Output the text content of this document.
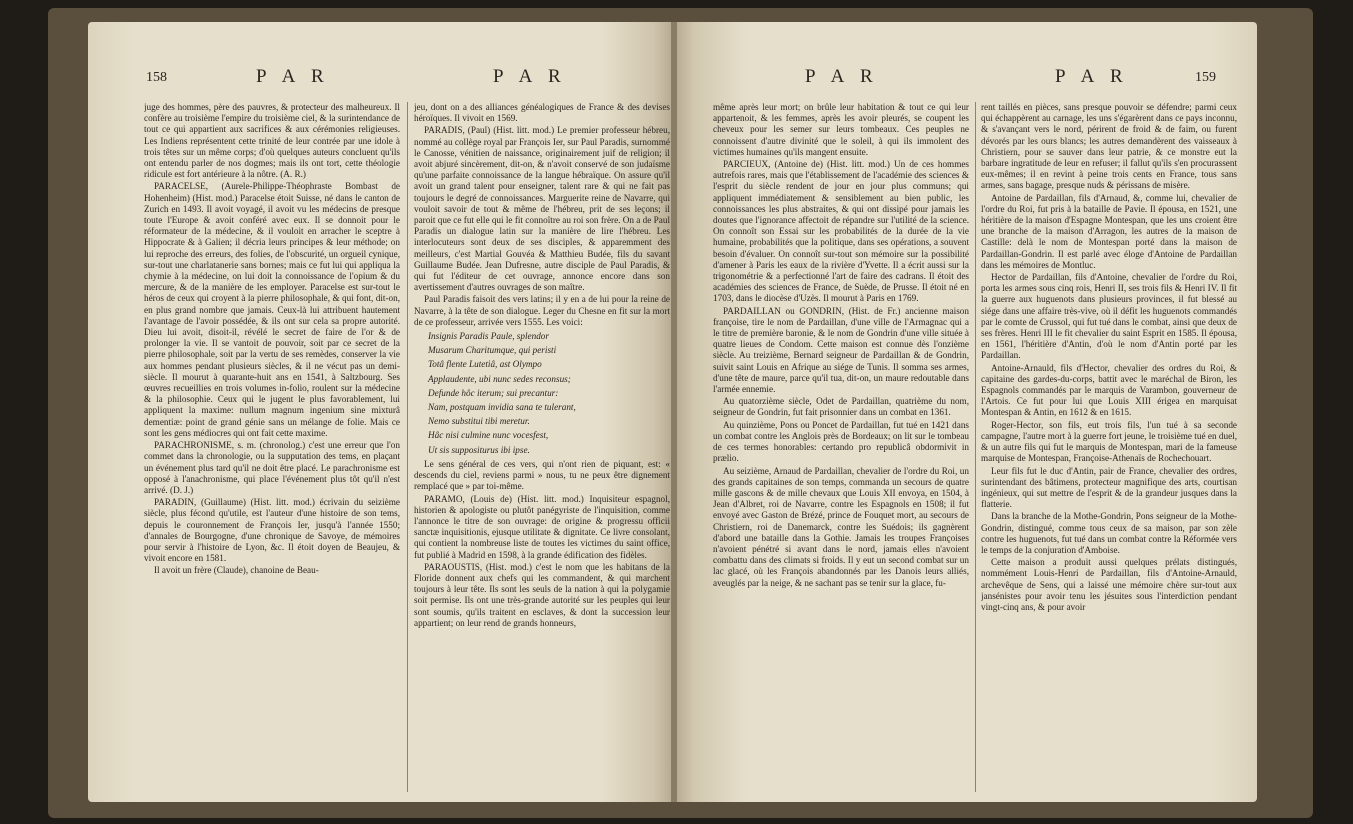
158	P A R	P A R

juge des hommes, père des pauvres, & protecteur des malheureux. Il confère au troisième l'empire du troisième ciel, & la surintendance de tout ce qui appartient aux sacrifices & aux cérémonies religieuses. Les Indiens représentent cette trinité de leur contrée par une idole à trois têtes sur un même corps; d'où quelques auteurs concluent qu'ils ont entendu parler de nos dogmes; mais ils ont tort, cette théologie ridicule est fort antérieure à la nôtre. (A. R.)

PARACELSE, (Aurele-Philippe-Théophraste Bombast de Hohenheim) (Hist. mod.) Paracelse étoit Suisse, né dans le canton de Zurich en 1493. Il avoit voyagé, il avoit vu les médecins de presque toute l'Europe & avoit conféré avec eux. Il se donnoit pour le réformateur de la médecine, & il vouloit en arracher le sceptre à Hippocrate & à Galien; il décria leurs principes & leur méthode; on lui reproche des erreurs, des folies, de l'obscurité, un orgueil cynique, sur-tout une charlatanerie sans bornes; mais ce fut lui qui appliqua la chymie à la médecine, on lui doit la connoissance de l'opium & du mercure, & de la manière de les employer. Paracelse est sur-tout le héros de ceux qui croyent à la pierre philosophale, & qui font, dit-on, en plus grand nombre que jamais. Ceux-là lui attribuent hautement l'avantage de l'avoir possédée, & ils ont sur cela sa propre autorité. Dieu lui avoit, disoit-il, révélé le secret de faire de l'or & de prolonger la vie. Il se vantoit de pouvoir, soit par ce secret de la pierre philosophale, soit par la vertu de ses remèdes, conserver la vie aux hommes pendant plusieurs siècles, & il ne vécut pas un demi-siècle. Il mourut à quarante-huit ans en 1541, à Saltzbourg. Ses œuvres recueillies en trois volumes in-folio, roulent sur la médecine & la philosophie. Ceux qui le jugent le plus favorablement, lui appliquent la maxime: nullum magnum ingenium sine mixturâ dementiæ: point de grand génie sans un mélange de folie. Mais ce sont les gens médiocres qui ont fait cette maxime.

PARACHRONISME, s. m. (chronolog.) c'est une erreur que l'on commet dans la chronologie, ou la supputation des tems, en plaçant un événement plus tard qu'il ne doit être placé. Le parachronisme est opposé à l'anachronisme, qui place l'événement plus tôt qu'il n'est arrivé. (D. J.)

PARADIN, (Guillaume) (Hist. litt. mod.) écrivain du seizième siècle, plus fécond qu'utile, est l'auteur d'une histoire de son tems, depuis le couronnement de François Ier, jusqu'à l'année 1550; d'annales de Bourgogne, d'une chronique de Savoye, de mémoires pour servir à l'histoire de Lyon, &c. Il étoit doyen de Beaujeu, & vivoit encore en 1581.

Il avoit un frère (Claude), chanoine de Beau-

jeu, dont on a des alliances généalogiques de France & des devises héroïques. Il vivoit en 1569.

PARADIS, (Paul) (Hist. litt. mod.) Le premier professeur hébreu, nommé au collège royal par François Ier, sur Paul Paradis, surnommé le Canosse, vénitien de naissance, originairement juif de religion; il avoit abjuré sincèrement, dit-on, & n'avoit conservé de son judaïsme qu'une parfaite connoissance de la langue hébraïque. On assure qu'il avoit un grand talent pour enseigner, talent rare & qui ne fait pas toujours le degré de connoissances. Marguerite reine de Navarre, qui vouloit savoir de tout & même de l'hébreu, prit de ses leçons; il paroit que ce fut elle qui le fit connoître au roi son frère. On a de Paul Paradis un dialogue latin sur la manière de lire l'hébreu. Les interlocuteurs sont deux de ses disciples, & apparemment des meilleurs, c'est Martial Gouvéa & Matthieu Budée, fils du savant Guillaume Budée. Jean Dufresne, autre disciple de Paul Paradis, & qui fut l'éditeur de cet ouvrage, annonce encore dans son avertissement d'autres ouvrages de son maître.

Paul Paradis faisoit des vers latins; il y en a de lui pour la reine de Navarre, à la tête de son dialogue. Leger du Chesne en fit sur la mort de ce professeur, arrivée vers 1555. Les voici:

Insignis Paradis Paule, splendor

Musarum Charitumque, qui peristi

Totâ flente Lutetiâ, ast Olympo

Applaudente, ubi nunc sedes reconsus;

Defunde hôc iterum; sui precantur:

Nam, postquam invidia sana te tulerant,

Nemo substitui tibi meretur.

Hâc nisi culmine nunc vocesfest,

Ut sis suppositurus ibi ipse.

Le sens général de ces vers, qui n'ont rien de piquant, est: « descends du ciel, reviens parmi » nous, tu ne peux être dignement remplacé que » par toi-même.

PARAMO, (Louis de) (Hist. litt. mod.) Inquisiteur espagnol, historien & apologiste ou plutôt panégyriste de l'inquisition, comme l'annonce le titre de son ouvrage: de origine & progressu officii sanctæ inquisitionis, ejusque utilitate & dignitate. Ce livre consolant, qui contient la nombreuse liste de toutes les victimes du saint office, fut publié à Madrid en 1598, à la grande édification des fidèles.

PARAOUSTIS, (Hist. mod.) c'est le nom que les habitans de la Floride donnent aux chefs qui les commandent, & qui marchent toujours à leur tête. Ils sont les seuls de la nation à qui la polygamie soit permise. Ils ont une très-grande autorité sur les peuples qui leur sont soumis, qu'ils traitent en esclaves, & dont la succession leur appartient; on leur rend de grands honneurs,

P A R	P A R	159

même après leur mort; on brûle leur habitation & tout ce qui leur appartenoit, & les femmes, après les avoir pleurés, se coupent les cheveux pour les semer sur leurs tombeaux. Ces peuples ne connoissent d'autre divinité que le soleil, à qui ils immolent des victimes humaines qu'ils mangent ensuite.

PARCIEUX, (Antoine de) (Hist. litt. mod.) Un de ces hommes autrefois rares, mais que l'établissement de l'académie des sciences & l'esprit du siècle rendent de jour en jour plus communs; qui appliquent immédiatement & sensiblement au bien public, les connoissances les plus abstraites, & qui ont dissipé pour jamais les doutes que l'ignorance affectoit de répandre sur l'utilité de la science. On connoît son Essai sur les probabilités de la durée de la vie humaine, probabilités que la politique, dans ses opérations, a souvent besoin d'évaluer. On connoît sur-tout son mémoire sur la possibilité d'amener à Paris les eaux de la rivière d'Yvette. Il a écrit aussi sur la trigonométrie & a perfectionné l'art de faire des cadrans. Il étoit des académies des sciences de France, de Suède, de Prusse. Il étoit né en 1703, dans le diocèse d'Uzès. Il mourut à Paris en 1769.

PARDAILLAN ou GONDRIN, (Hist. de Fr.) ancienne maison françoise, tire le nom de Pardaillan, d'une ville de l'Armagnac qui a le titre de première baronie, & le nom de Gondrin d'une ville située à quatre lieues de Condom. Cette maison est connue dès l'onzième siècle. Au treizième, Bernard seigneur de Pardaillan & de Gondrin, suivit saint Louis en Afrique au siége de Tunis. Il somma ses armes, d'une tête de maure, parce qu'il tua, dit-on, un maure redoutable dans l'armée ennemie.

Au quatorzième siècle, Odet de Pardaillan, quatrième du nom, seigneur de Gondrin, fut fait prisonnier dans un combat en 1361.

Au quinzième, Pons ou Poncet de Pardaillan, fut tué en 1421 dans un combat contre les Anglois près de Bordeaux; on lit sur le tombeau de ces termes honorables: certando pro republicâ obdormivit in prælio.

Au seizième, Arnaud de Pardaillan, chevalier de l'ordre du Roi, un des grands capitaines de son temps, commanda un secours de quatre mille gascons & de mille chevaux que Louis XII envoya, en 1504, à Jean d'Albret, roi de Navarre, contre les Espagnols en 1508; il fut envoyé avec Gaston de Brézé, prince de Fouquet mort, au secours de Christiern, roi de Danemarck, contre les Suédois; ils gagnèrent d'abord une bataille dans la Gothie. Jamais les troupes Françoises n'avoient pénétré si avant dans le nord, jamais elles n'avoient combattu dans des climats si froids. Il y eut un second combat sur un lac glacé, où les François abandonnés par les Danois leurs alliés, aveuglés par la neige, & ne sachant pas se tenir sur la glace, fu-

rent taillés en pièces, sans presque pouvoir se défendre; parmi ceux qui échappèrent au carnage, les uns s'égarèrent dans ce pays inconnu, & s'avançant vers le nord, périrent de froid & de faim, ou furent dévorés par les ours blancs; les autres demandèrent des vaisseaux à Christiern, pour se sauver dans leur patrie, & ce monstre eut la barbare ingratitude de leur en refuser; il fallut qu'ils s'en procurassent eux-mêmes; il en revint à peine trois cents en France, tous sans armes, sans bagage, presque nuds & périssans de misère.

Antoine de Pardaillan, fils d'Arnaud, &, comme lui, chevalier de l'ordre du Roi, fut pris à la bataille de Pavie. Il épousa, en 1521, une héritière de la maison d'Espagne Montespan, que les uns croient être une branche de la maison d'Arragon, les autres de la maison de Castille: delà le nom de Montespan porté dans la maison de Pardaillan-Gondrin. Il est parlé avec éloge d'Antoine de Pardaillan dans les mémoires de Montluc.

Hector de Pardaillan, fils d'Antoine, chevalier de l'ordre du Roi, porta les armes sous cinq rois, Henri II, ses trois fils & Henri IV. Il fit la guerre aux huguenots dans plusieurs provinces, il fut blessé au siége dans une affaire très-vive, où il défit les huguenots commandés par le comte de Crussol, qui fut tué dans le combat, ainsi que deux de ses frères. Henri III le fit chevalier du saint Esprit en 1585. Il épousa, en 1561, l'héritière d'Antin, d'où le nom d'Antin porté par les Pardaillan.

Antoine-Arnauld, fils d'Hector, chevalier des ordres du Roi, & capitaine des gardes-du-corps, battit avec le maréchal de Biron, les Espagnols commandés par le marquis de Varambon, gouverneur de l'Artois. Ce fut pour lui que Louis XIII érigea en marquisat Montespan & Antin, en 1612 & en 1615.

Roger-Hector, son fils, eut trois fils, l'un tué à sa seconde campagne, l'autre mort à la guerre fort jeune, le troisième tué en duel, & un autre fils qui fut le marquis de Montespan, mari de la fameuse marquise de Montespan, Françoise-Athenaïs de Rochechouart.

Leur fils fut le duc d'Antin, pair de France, chevalier des ordres, surintendant des bâtimens, protecteur magnifique des arts, courtisan ingénieux, qui sut mettre de l'esprit & de la grandeur jusques dans la flatterie.

Dans la branche de la Mothe-Gondrin, Pons seigneur de la Mothe-Gondrin, distingué, comme tous ceux de sa maison, par son zèle contre les huguenots, fut tué dans un combat contre la Réformée vers le temps de la conjuration d'Amboise.

Cette maison a produit aussi quelques prélats distingués, nommément Louis-Henri de Pardaillan, fils d'Antoine-Arnauld, archevêque de Sens, qui a laissé une mémoire chère sur-tout aux jansénistes pour avoir tenu les jésuites sous l'interdiction pendant vingt-cinq ans, & pour avoir
